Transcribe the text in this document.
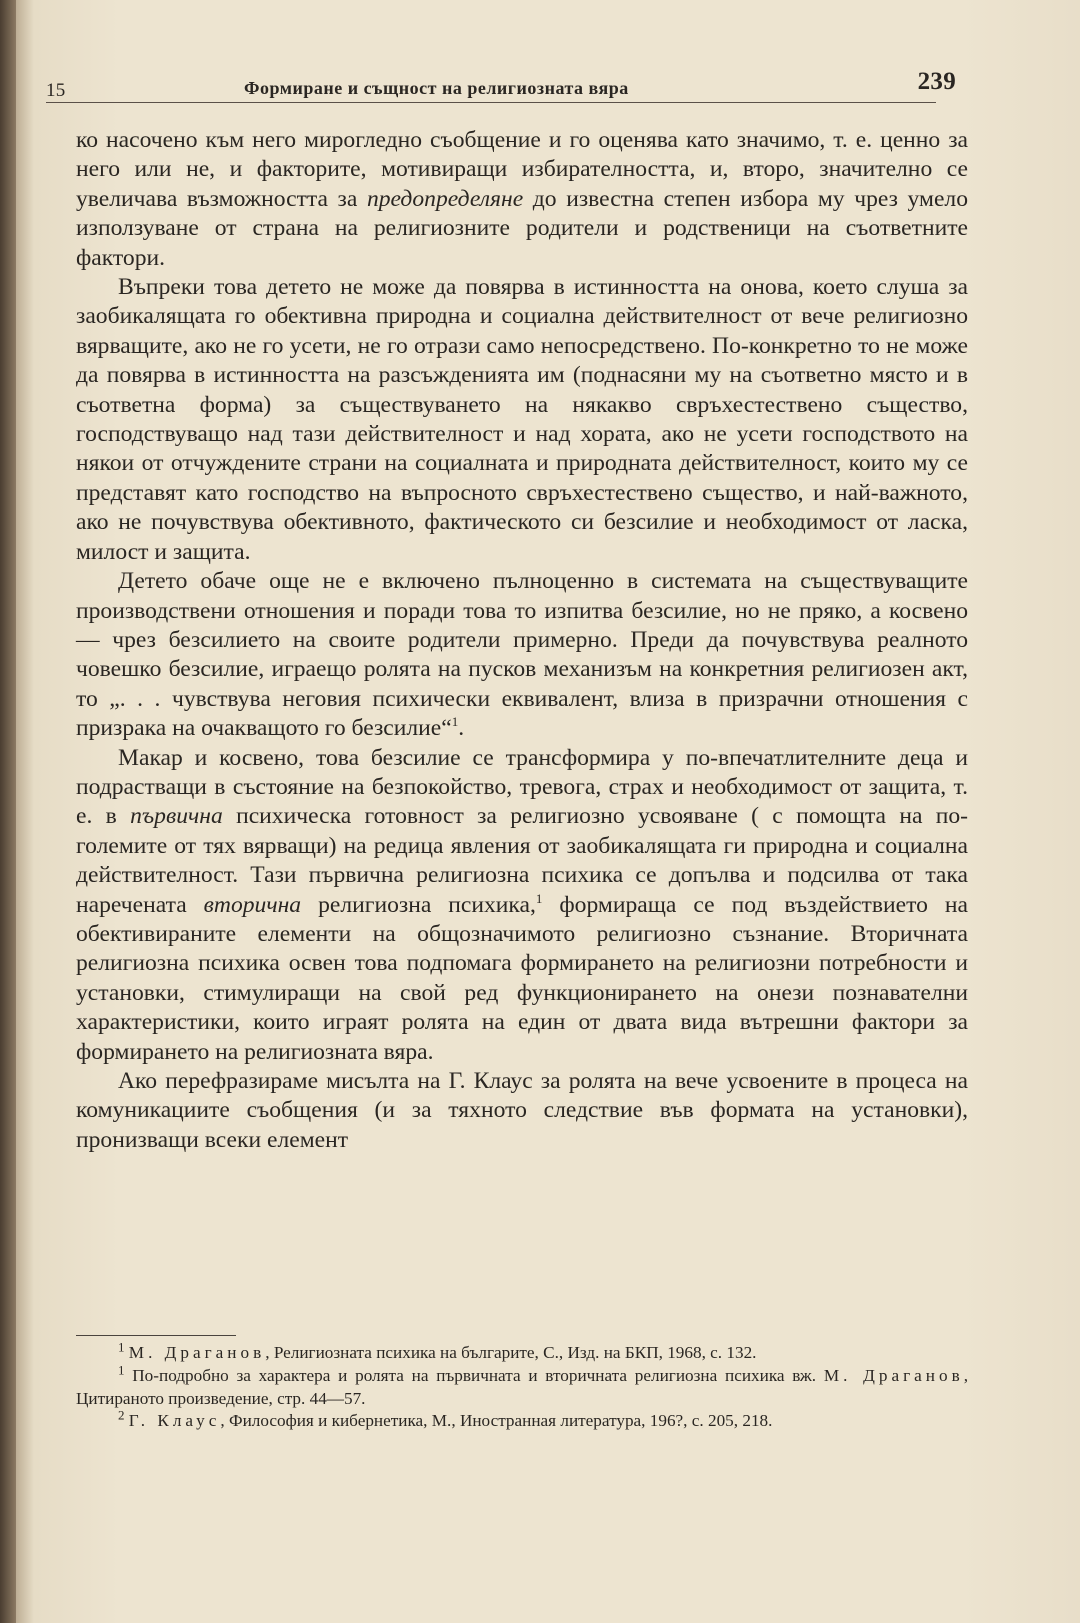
15	Формиране и същност на религиозната вяра	239

ко насочено към него мирогледно съобщение и го оценява като значимо, т. е. ценно за него или не, и факторите, мотивиращи избирателността, и, второ, значително се увеличава възможността за предопределяне до известна степен избора му чрез умело използуване от страна на религиозните родители и родственици на съответните фактори.

Въпреки това детето не може да повярва в истинността на онова, което слуша за заобикалящата го обективна природна и социална действителност от вече религиозно вярващите, ако не го усети, не го отрази само непосредствено. По-конкретно то не може да повярва в истинността на разсъжденията им (поднасяни му на съответно място и в съответна форма) за съществуването на някакво свръхестествено същество, господствуващо над тази действителност и над хората, ако не усети господството на някои от отчуждените страни на социалната и природната действителност, които му се представят като господство на въпросното свръхестествено същество, и най-важното, ако не почувствува обективното, фактическото си безсилие и необходимост от ласка, милост и защита.

Детето обаче още не е включено пълноценно в системата на съществуващите производствени отношения и поради това то изпитва безсилие, но не пряко, а косвено — чрез безсилието на своите родители примерно. Преди да почувствува реалното човешко безсилие, играещо ролята на пусков механизъм на конкретния религиозен акт, то „. . . чувствува неговия психически еквивалент, влиза в призрачни отношения с призрака на очакващото го безсилие“$^1$.

Макар и косвено, това безсилие се трансформира у по-впечатлителните деца и подрастващи в състояние на безпокойство, тревога, страх и необходимост от защита, т. е. в първична психическа готовност за религиозно усвояване ( с помощта на по-големите от тях вярващи) на редица явления от заобикалящата ги природна и социална действителност. Тази първична религиозна психика се допълва и подсилва от така наречената вторична религиозна психика,$^1$ формираща се под въздействието на обективираните елементи на общозначимото религиозно съзнание. Вторичната религиозна психика освен това подпомага формирането на религиозни потребности и установки, стимулиращи на свой ред функционирането на онези познавателни характеристики, които играят ролята на един от двата вида вътрешни фактори за формирането на религиозната вяра.

Ако перефразираме мисълта на Г. Клаус за ролята на вече усвоените в процеса на комуникациите съобщения (и за тяхното следствие във формата на установки), пронизващи всеки елемент

$^1$ М. Драганов, Религиозната психика на българите, С., Изд. на БКП, 1968, с. 132.

$^1$ По-подробно за характера и ролята на първичната и вторичната религиозна психика вж. М. Драганов, Цитираното произведение, стр. 44—57.

$^2$ Г. Клаус, Философия и кибернетика, М., Иностранная литература, 196?, с. 205, 218.
